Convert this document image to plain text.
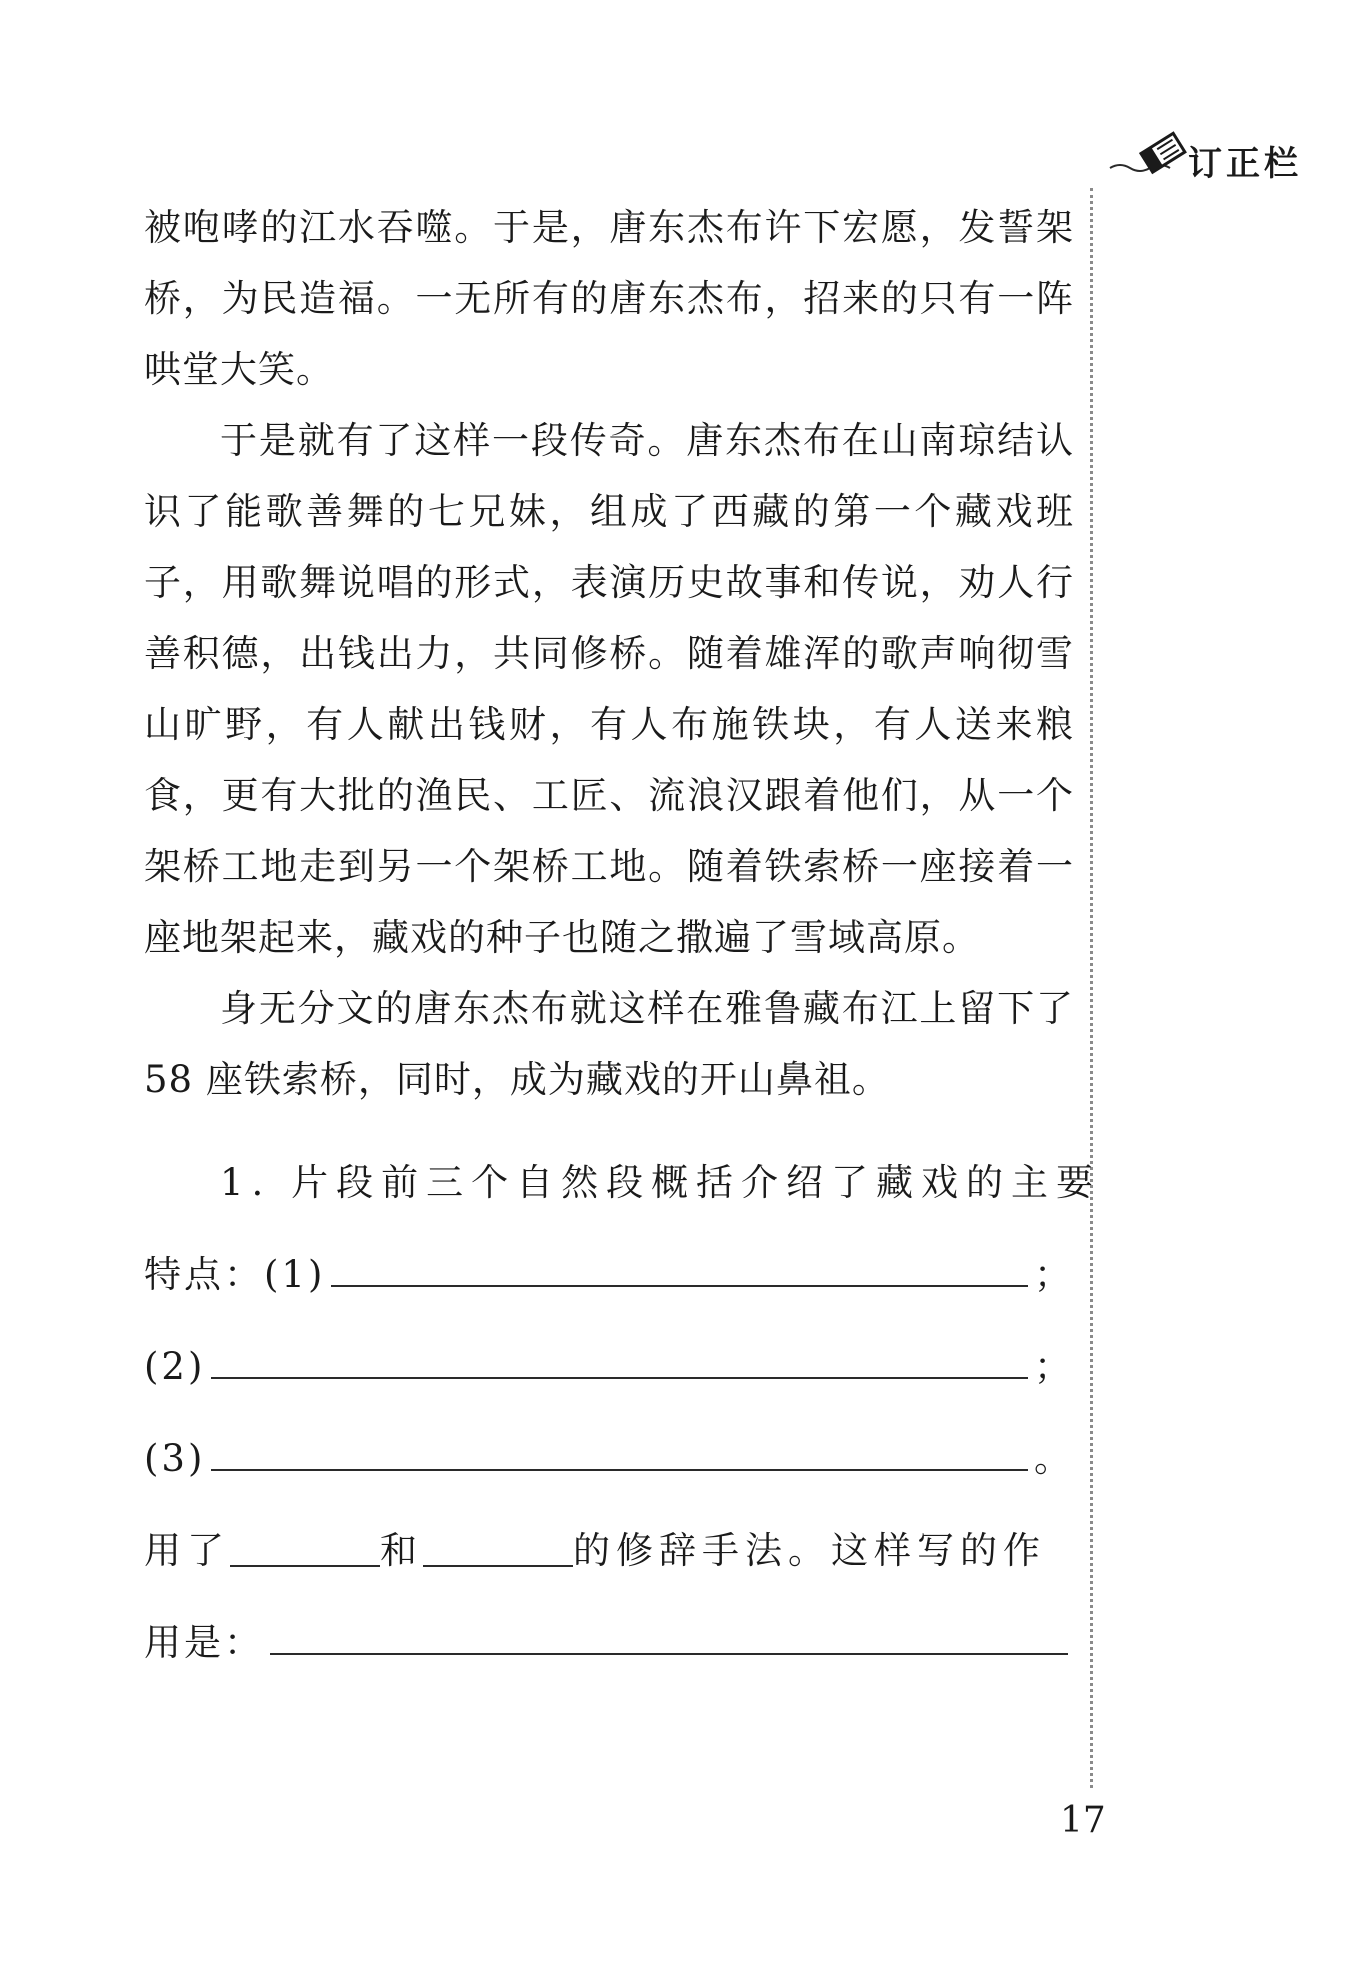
订正栏

被咆哮的江水吞噬。于是，唐东杰布许下宏愿，发誓架桥，为民造福。一无所有的唐东杰布，招来的只有一阵哄堂大笑。

于是就有了这样一段传奇。唐东杰布在山南琼结认识了能歌善舞的七兄妹，组成了西藏的第一个藏戏班子，用歌舞说唱的形式，表演历史故事和传说，劝人行善积德，出钱出力，共同修桥。随着雄浑的歌声响彻雪山旷野，有人献出钱财，有人布施铁块，有人送来粮食，更有大批的渔民、工匠、流浪汉跟着他们，从一个架桥工地走到另一个架桥工地。随着铁索桥一座接着一座地架起来，藏戏的种子也随之撒遍了雪域高原。

身无分文的唐东杰布就这样在雅鲁藏布江上留下了 58 座铁索桥，同时，成为藏戏的开山鼻祖。

1. 片段前三个自然段概括介绍了藏戏的主要
特点：(1)	；
(2)	；
(3)	。
用了	和	的修辞手法。这样写的作
用是：
17
